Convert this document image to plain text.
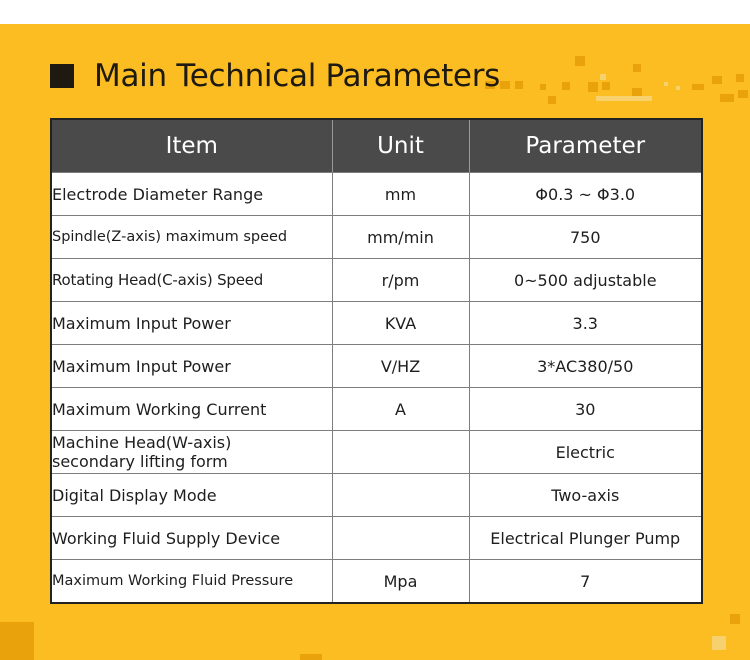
Main Technical Parameters
Item	Unit	Parameter
Electrode Diameter Range	mm	Φ0.3 ~ Φ3.0
Spindle(Z-axis) maximum speed	mm/min	750
Rotating Head(C-axis) Speed	r/pm	0~500 adjustable
Maximum Input Power	KVA	3.3
Maximum Input Power	V/HZ	3*AC380/50
Maximum Working Current	A	30
Machine Head(W-axis)
secondary lifting form		Electric
Digital Display Mode		Two-axis
Working Fluid Supply Device		Electrical Plunger Pump
Maximum Working Fluid Pressure	Mpa	7
